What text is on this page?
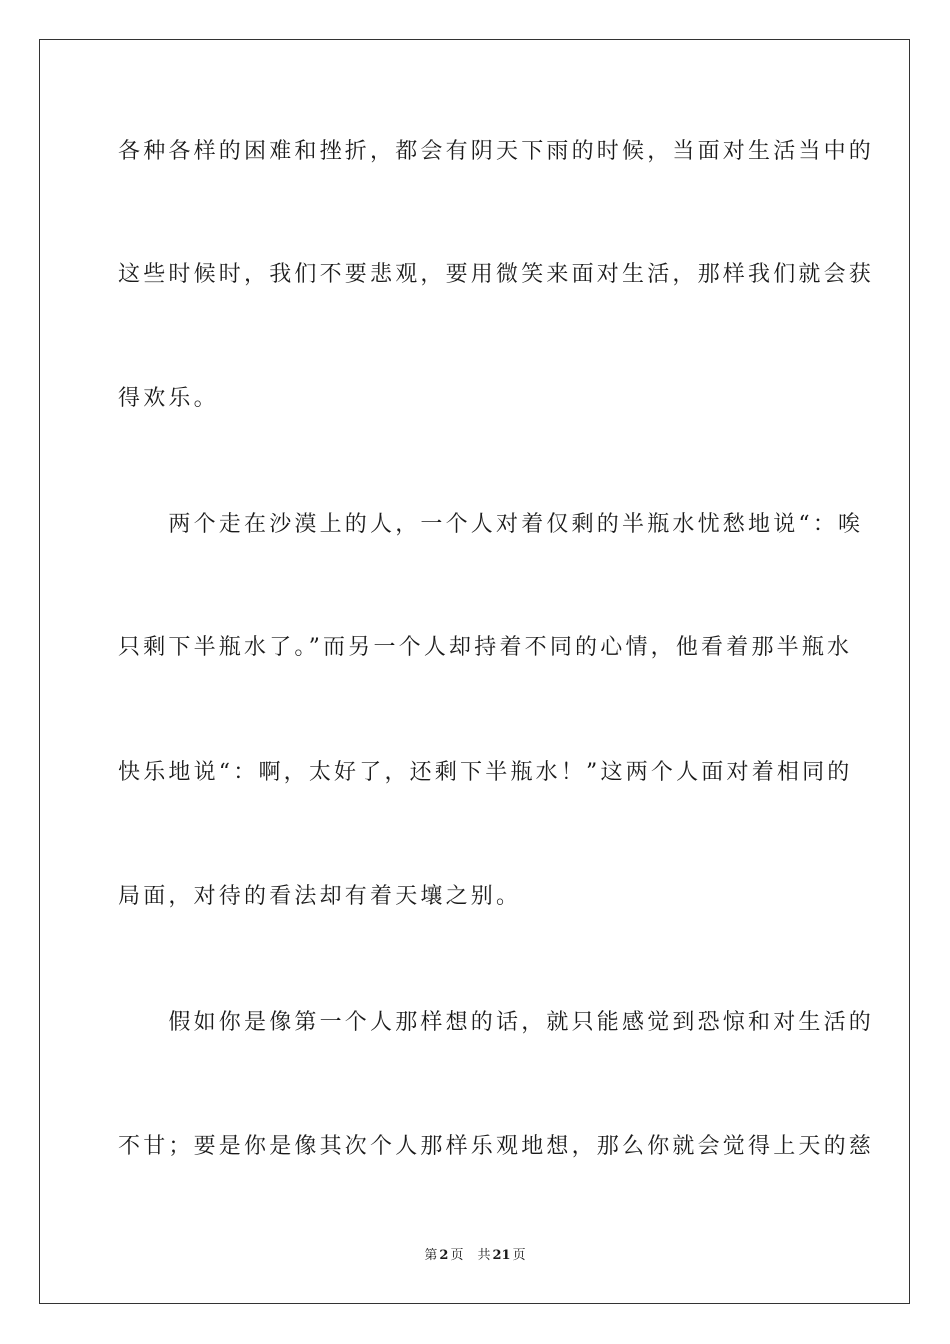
各种各样的困难和挫折，都会有阴天下雨的时候，当面对生活当中的
这些时候时，我们不要悲观，要用微笑来面对生活，那样我们就会获
得欢乐。
　　两个走在沙漠上的人，一个人对着仅剩的半瓶水忧愁地说“：唉
只剩下半瓶水了。”而另一个人却持着不同的心情，他看着那半瓶水
快乐地说“：啊，太好了，还剩下半瓶水！”这两个人面对着相同的
局面，对待的看法却有着天壤之别。
　　假如你是像第一个人那样想的话，就只能感觉到恐惊和对生活的
不甘；要是你是像其次个人那样乐观地想，那么你就会觉得上天的慈
第 2 页 共 21 页
